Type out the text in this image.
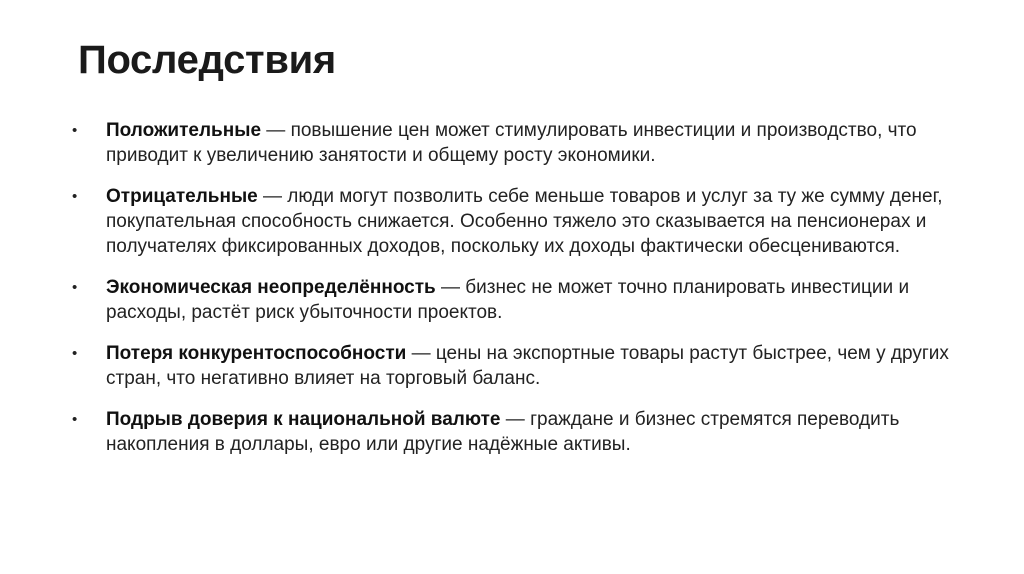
Последствия
• Положительные — повышение цен может стимулировать инвестиции и производство, что приводит к увеличению занятости и общему росту экономики.
• Отрицательные — люди могут позволить себе меньше товаров и услуг за ту же сумму денег, покупательная способность снижается. Особенно тяжело это сказывается на пенсионерах и получателях фиксированных доходов, поскольку их доходы фактически обесцениваются.
• Экономическая неопределённость — бизнес не может точно планировать инвестиции и расходы, растёт риск убыточности проектов.
• Потеря конкурентоспособности — цены на экспортные товары растут быстрее, чем у других стран, что негативно влияет на торговый баланс.
• Подрыв доверия к национальной валюте — граждане и бизнес стремятся переводить накопления в доллары, евро или другие надёжные активы.
